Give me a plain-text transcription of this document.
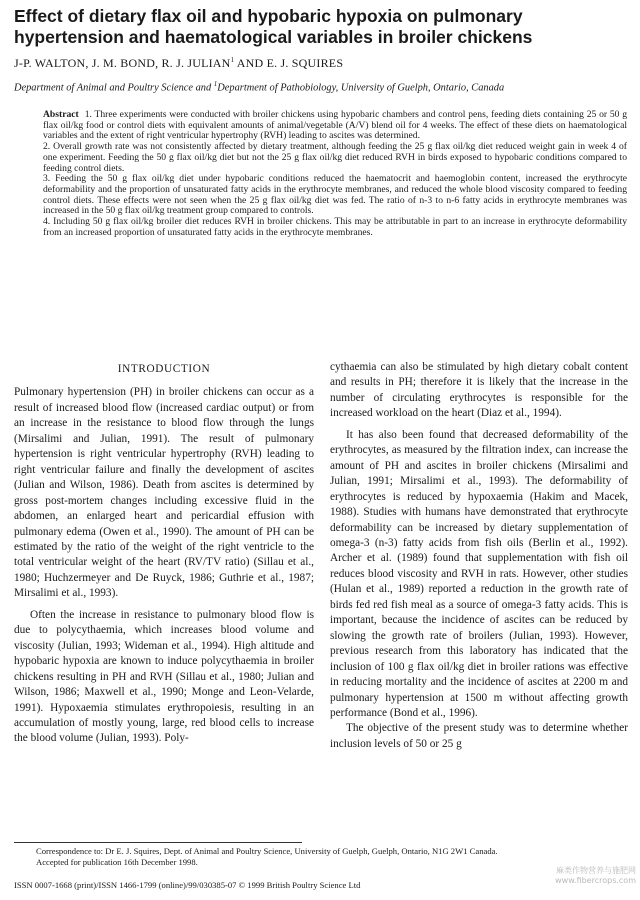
Effect of dietary flax oil and hypobaric hypoxia on pulmonary hypertension and haematological variables in broiler chickens
J-P. WALTON, J. M. BOND, R. J. JULIAN$^1$ AND E. J. SQUIRES
Department of Animal and Poultry Science and $^1$Department of Pathobiology, University of Guelph, Ontario, Canada

Abstract 1. Three experiments were conducted with broiler chickens using hypobaric chambers and control pens, feeding diets containing 25 or 50 g flax oil/kg food or control diets with equivalent amounts of animal/vegetable (A/V) blend oil for 4 weeks. The effect of these diets on haematological variables and the extent of right ventricular hypertrophy (RVH) leading to ascites was determined.

2. Overall growth rate was not consistently affected by dietary treatment, although feeding the 25 g flax oil/kg diet reduced weight gain in week 4 of one experiment. Feeding the 50 g flax oil/kg diet but not the 25 g flax oil/kg diet reduced RVH in birds exposed to hypobaric conditions compared to feeding control diets.

3. Feeding the 50 g flax oil/kg diet under hypobaric conditions reduced the haematocrit and haemoglobin content, increased the erythrocyte deformability and the proportion of unsaturated fatty acids in the erythrocyte membranes, and reduced the whole blood viscosity compared to feeding control diets. These effects were not seen when the 25 g flax oil/kg diet was fed. The ratio of n-3 to n-6 fatty acids in erythrocyte membranes was increased in the 50 g flax oil/kg treatment group compared to controls.

4. Including 50 g flax oil/kg broiler diet reduces RVH in broiler chickens. This may be attributable in part to an increase in erythrocyte deformability from an increased proportion of unsaturated fatty acids in the erythrocyte membranes.

INTRODUCTION

Pulmonary hypertension (PH) in broiler chickens can occur as a result of increased blood flow (increased cardiac output) or from an increase in the resistance to blood flow through the lungs (Mirsalimi and Julian, 1991). The result of pulmonary hypertension is right ventricular hypertrophy (RVH) leading to right ventricular failure and finally the development of ascites (Julian and Wilson, 1986). Death from ascites is determined by gross post-mortem changes including excessive fluid in the abdomen, an enlarged heart and pericardial effusion with pulmonary edema (Owen et al., 1990). The amount of PH can be estimated by the ratio of the weight of the right ventricle to the total ventricular weight of the heart (RV/TV ratio) (Sillau et al., 1980; Huchzermeyer and De Ruyck, 1986; Guthrie et al., 1987; Mirsalimi et al., 1993).

Often the increase in resistance to pulmonary blood flow is due to polycythaemia, which increases blood volume and viscosity (Julian, 1993; Wideman et al., 1994). High altitude and hypobaric hypoxia are known to induce polycythaemia in broiler chickens resulting in PH and RVH (Sillau et al., 1980; Julian and Wilson, 1986; Maxwell et al., 1990; Monge and Leon-Velarde, 1991). Hypoxaemia stimulates erythropoiesis, resulting in an accumulation of mostly young, large, red blood cells to increase the blood volume (Julian, 1993). Poly-

cythaemia can also be stimulated by high dietary cobalt content and results in PH; therefore it is likely that the increase in the number of circulating erythrocytes is responsible for the increased workload on the heart (Diaz et al., 1994).

It has also been found that decreased deformability of the erythrocytes, as measured by the filtration index, can increase the amount of PH and ascites in broiler chickens (Mirsalimi and Julian, 1991; Mirsalimi et al., 1993). The deformability of erythrocytes is reduced by hypoxaemia (Hakim and Macek, 1988). Studies with humans have demonstrated that erythrocyte deformability can be increased by dietary supplementation of omega-3 (n-3) fatty acids from fish oils (Berlin et al., 1992). Archer et al. (1989) found that supplementation with fish oil reduces blood viscosity and RVH in rats. However, other studies (Hulan et al., 1989) reported a reduction in the growth rate of birds fed red fish meal as a source of omega-3 fatty acids. This is important, because the incidence of ascites can be reduced by slowing the growth rate of broilers (Julian, 1993). However, previous research from this laboratory has indicated that the inclusion of 100 g flax oil/kg diet in broiler rations was effective in reducing mortality and the incidence of ascites at 2200 m and pulmonary hypertension at 1500 m without affecting growth performance (Bond et al., 1996).

The objective of the present study was to determine whether inclusion levels of 50 or 25 g

Correspondence to: Dr E. J. Squires, Dept. of Animal and Poultry Science, University of Guelph, Guelph, Ontario, N1G 2W1 Canada.
Accepted for publication 16th December 1998.
ISSN 0007-1668 (print)/ISSN 1466-1799 (online)/99/030385-07 © 1999 British Poultry Science Ltd
麻类作物营养与施肥网
www.fibercrops.com
